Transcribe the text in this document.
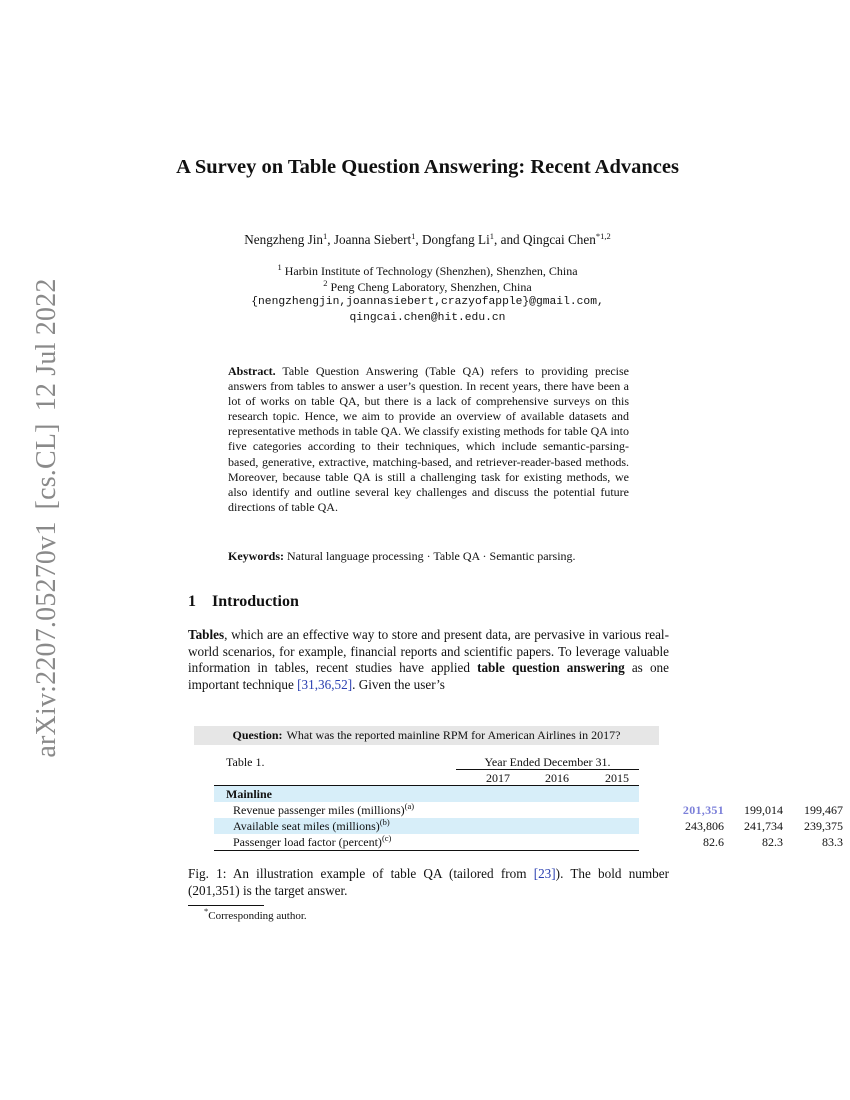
arXiv:2207.05270v1[cs.CL]12 Jul 2022
A Survey on Table Question Answering: Recent Advances
Nengzheng Jin$^1$, Joanna Siebert$^1$, Dongfang Li$^1$, and Qingcai Chen$^{*1,2}$
$^1$ Harbin Institute of Technology (Shenzhen), Shenzhen, China
$^2$ Peng Cheng Laboratory, Shenzhen, China
{nengzhengjin,joannasiebert,crazyofapple}@gmail.com,
qingcai.chen@hit.edu.cn
Abstract. Table Question Answering (Table QA) refers to providing precise answers from tables to answer a user’s question. In recent years, there have been a lot of works on table QA, but there is a lack of comprehensive surveys on this research topic. Hence, we aim to provide an overview of available datasets and representative methods in table QA. We classify existing methods for table QA into five categories according to their techniques, which include semantic-parsing-based, generative, extractive, matching-based, and retriever-reader-based methods. Moreover, because table QA is still a challenging task for existing methods, we also identify and outline several key challenges and discuss the potential future directions of table QA.
Keywords: Natural language processing · Table QA · Semantic parsing.
1 Introduction
Tables, which are an effective way to store and present data, are pervasive in various real-world scenarios, for example, financial reports and scientific papers. To leverage valuable information in tables, recent studies have applied table question answering as one important technique [31,36,52]. Given the user’s
Question: What was the reported mainline RPM for American Airlines in 2017?
Table 1.	Year Ended December 31.
2017	2016	2015
Mainline
Revenue passenger miles (millions)$^{(a)}$	201,351	199,014	199,467
Available seat miles (millions)$^{(b)}$	243,806	241,734	239,375
Passenger load factor (percent)$^{(c)}$	82.6	82.3	83.3
Fig. 1: An illustration example of table QA (tailored from [23]). The bold number (201,351) is the target answer.
*Corresponding author.
